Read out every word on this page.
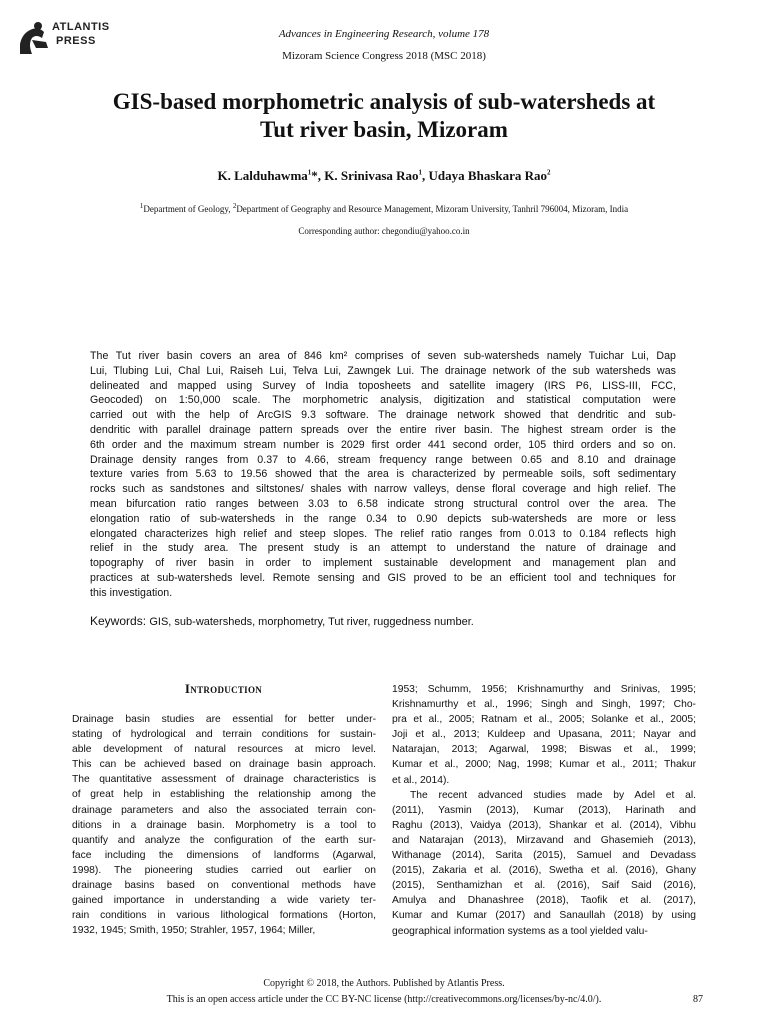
ATLANTIS
PRESS
Advances in Engineering Research, volume 178
Mizoram Science Congress 2018 (MSC 2018)
GIS-based morphometric analysis of sub-watersheds at
Tut river basin, Mizoram
K. Lalduhawma$^1$*, K. Srinivasa Rao$^1$, Udaya Bhaskara Rao$^2$
$^1$Department of Geology, $^2$Department of Geography and Resource Management, Mizoram University, Tanhril 796004, Mizoram, India
Corresponding author: chegondiu@yahoo.co.in
The Tut river basin covers an area of 846 km² comprises of seven sub-watersheds namely Tuichar Lui, Dap
Lui, Tlubing Lui, Chal Lui, Raiseh Lui, Telva Lui, Zawngek Lui. The drainage network of the sub watersheds was
delineated and mapped using Survey of India toposheets and satellite imagery (IRS P6, LISS-III, FCC,
Geocoded) on 1:50,000 scale. The morphometric analysis, digitization and statistical computation were
carried out with the help of ArcGIS 9.3 software. The drainage network showed that dendritic and sub-
dendritic with parallel drainage pattern spreads over the entire river basin. The highest stream order is the
6th order and the maximum stream number is 2029 first order 441 second order, 105 third orders and so on.
Drainage density ranges from 0.37 to 4.66, stream frequency range between 0.65 and 8.10 and drainage
texture varies from 5.63 to 19.56 showed that the area is characterized by permeable soils, soft sedimentary
rocks such as sandstones and siltstones/ shales with narrow valleys, dense floral coverage and high relief. The
mean bifurcation ratio ranges between 3.03 to 6.58 indicate strong structural control over the area. The
elongation ratio of sub-watersheds in the range 0.34 to 0.90 depicts sub-watersheds are more or less
elongated characterizes high relief and steep slopes. The relief ratio ranges from 0.013 to 0.184 reflects high
relief in the study area. The present study is an attempt to understand the nature of drainage and
topography of river basin in order to implement sustainable development and management plan and
practices at sub-watersheds level. Remote sensing and GIS proved to be an efficient tool and techniques for
this investigation.
Keywords: GIS, sub-watersheds, morphometry, Tut river, ruggedness number.
Introduction
Drainage basin studies are essential for better under-
stating of hydrological and terrain conditions for sustain-
able development of natural resources at micro level.
This can be achieved based on drainage basin approach.
The quantitative assessment of drainage characteristics is
of great help in establishing the relationship among the
drainage parameters and also the associated terrain con-
ditions in a drainage basin. Morphometry is a tool to
quantify and analyze the configuration of the earth sur-
face including the dimensions of landforms (Agarwal,
1998). The pioneering studies carried out earlier on
drainage basins based on conventional methods have
gained importance in understanding a wide variety ter-
rain conditions in various lithological formations (Horton,
1932, 1945; Smith, 1950; Strahler, 1957, 1964; Miller,
1953; Schumm, 1956; Krishnamurthy and Srinivas, 1995;
Krishnamurthy et al., 1996; Singh and Singh, 1997; Cho-
pra et al., 2005; Ratnam et al., 2005; Solanke et al., 2005;
Joji et al., 2013; Kuldeep and Upasana, 2011; Nayar and
Natarajan, 2013; Agarwal, 1998; Biswas et al., 1999;
Kumar et al., 2000; Nag, 1998; Kumar et al., 2011; Thakur
et al., 2014).
The recent advanced studies made by Adel et al.
(2011), Yasmin (2013), Kumar (2013), Harinath and
Raghu (2013), Vaidya (2013), Shankar et al. (2014), Vibhu
and Natarajan (2013), Mirzavand and Ghasemieh (2013),
Withanage (2014), Sarita (2015), Samuel and Devadass
(2015), Zakaria et al. (2016), Swetha et al. (2016), Ghany
(2015), Senthamizhan et al. (2016), Saif Said (2016),
Amulya and Dhanashree (2018), Taofik et al. (2017),
Kumar and Kumar (2017) and Sanaullah (2018) by using
geographical information systems as a tool yielded valu-
Copyright © 2018, the Authors. Published by Atlantis Press.
This is an open access article under the CC BY-NC license (http://creativecommons.org/licenses/by-nc/4.0/).	87
